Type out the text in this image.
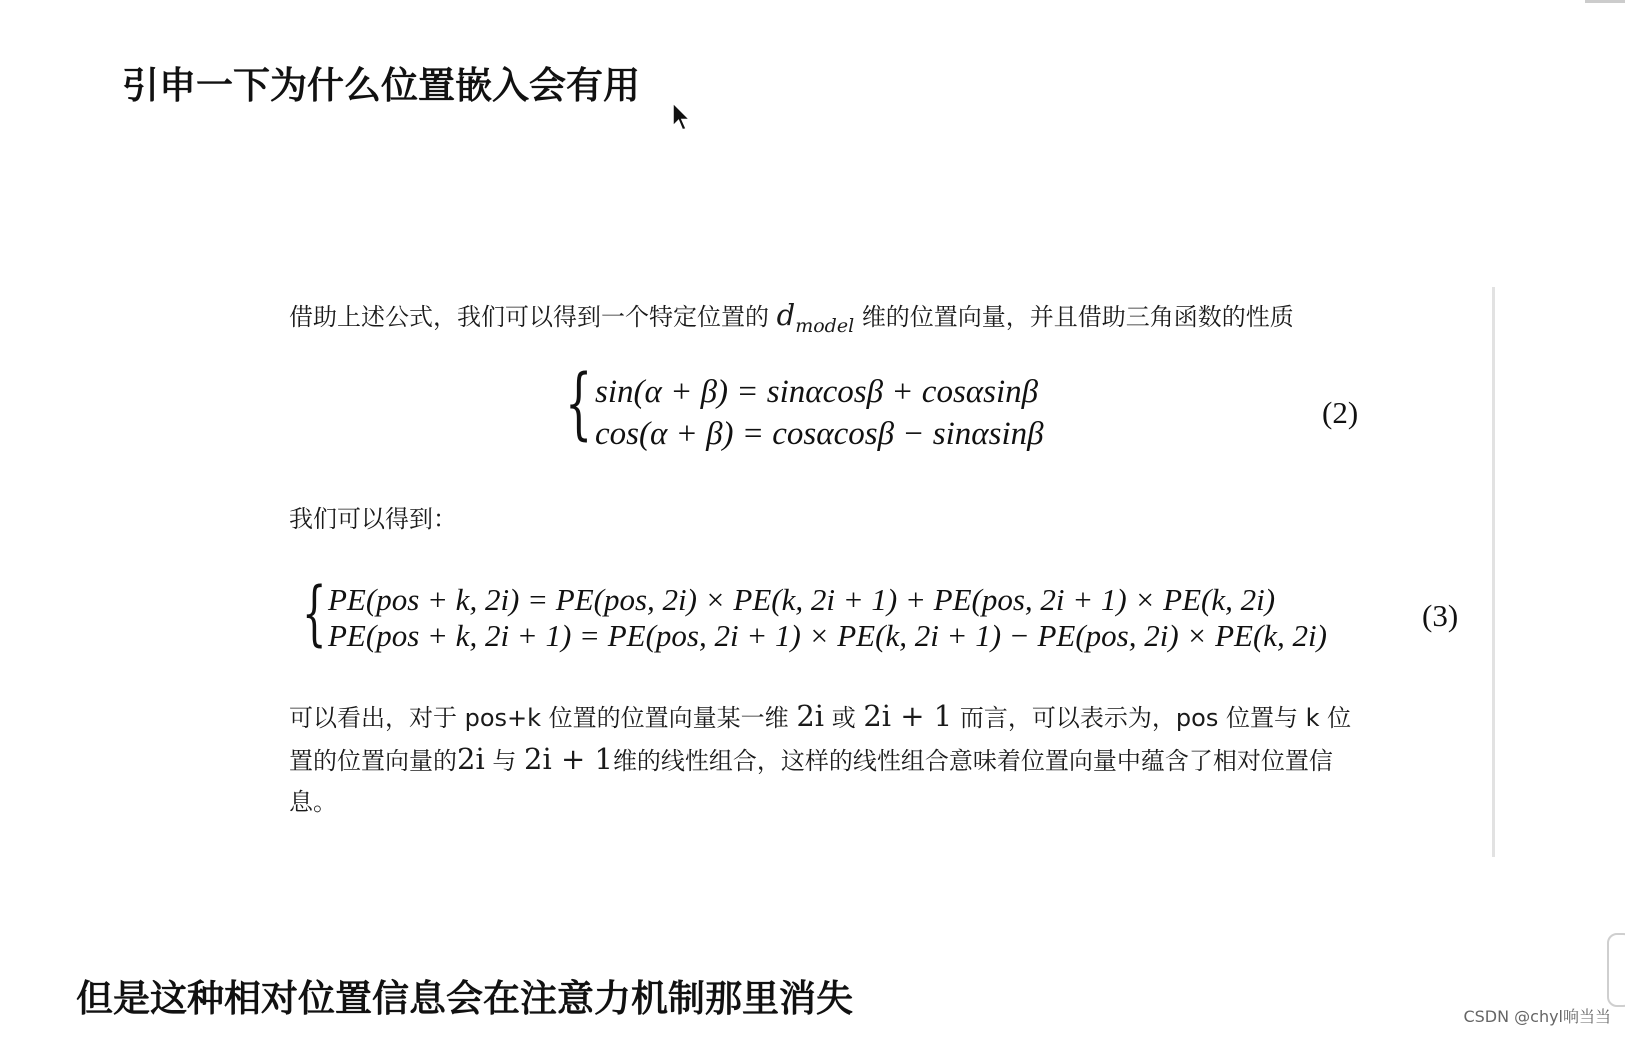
引申一下为什么位置嵌入会有用
借助上述公式，我们可以得到一个特定位置的 $d_{model}$ 维的位置向量，并且借助三角函数的性质
{ sin(α + β) = sinαcosβ + cosαsinβ
cos(α + β) = cosαcosβ − sinαsinβ
(2)
我们可以得到：
{ PE(pos + k, 2i) = PE(pos, 2i) × PE(k, 2i + 1) + PE(pos, 2i + 1) × PE(k, 2i)
PE(pos + k, 2i + 1) = PE(pos, 2i + 1) × PE(k, 2i + 1) − PE(pos, 2i) × PE(k, 2i)
(3)
可以看出，对于 pos+k 位置的位置向量某一维 2i 或 2i + 1 而言，可以表示为，pos 位置与 k 位
置的位置向量的2i 与 2i + 1维的线性组合，这样的线性组合意味着位置向量中蕴含了相对位置信
息。
但是这种相对位置信息会在注意力机制那里消失	CSDN @chyl响当当
